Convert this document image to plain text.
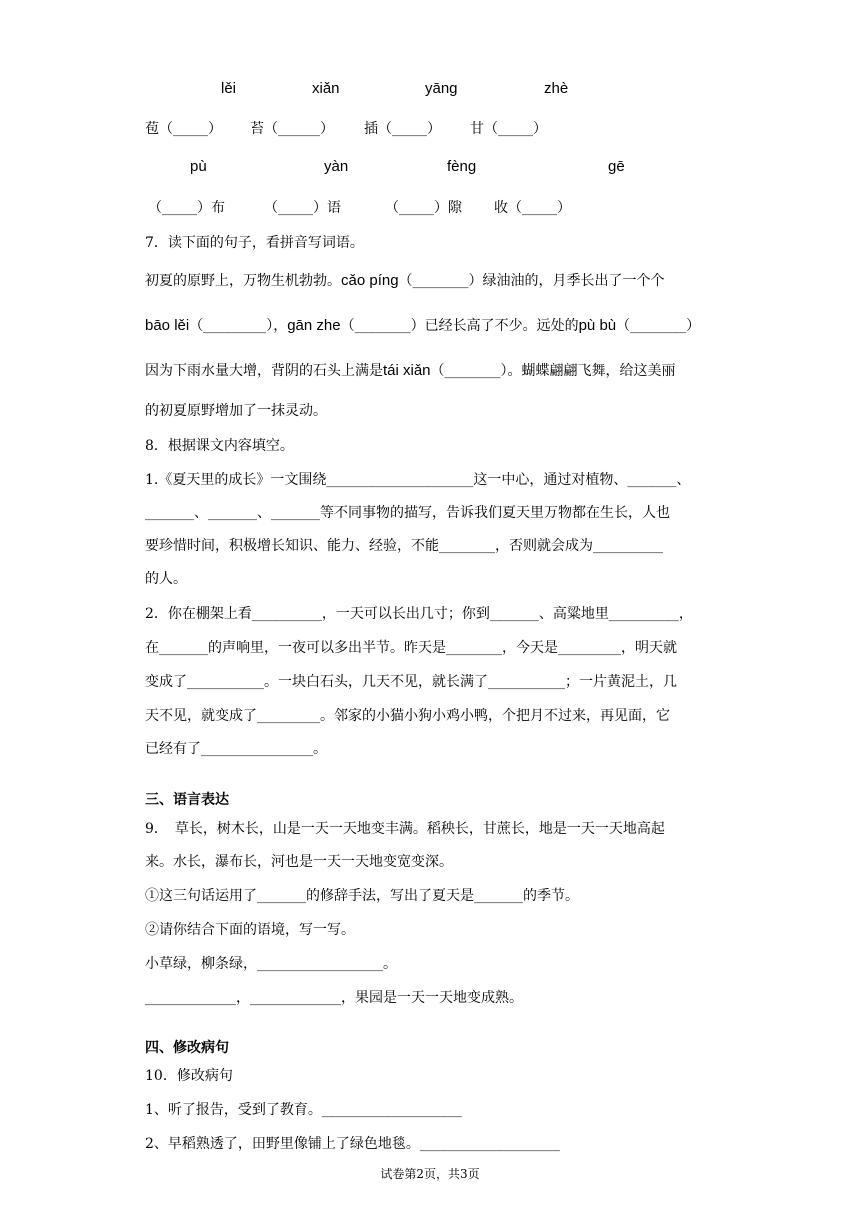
lěi	xiǎn	yāng	zhè
苞（_____） 苔（______） 插（_____） 甘（_____）
pù	yàn	fèng	gē
（_____）布	（_____）语	（_____）隙 收（_____）
7．读下面的句子，看拼音写词语。
初夏的原野上，万物生机勃勃。cǎo píng（________）绿油油的，月季长出了一个个
bāo lěi（_________），gān zhe（________）已经长高了不少。远处的pù bù（________）
因为下雨水量大增，背阴的石头上满是tái xiǎn（________）。蝴蝶翩翩飞舞，给这美丽
的初夏原野增加了一抹灵动。
8．根据课文内容填空。
1.《夏天里的成长》一文围绕_____________________这一中心，通过对植物、_______、
_______、_______、_______等不同事物的描写，告诉我们夏天里万物都在生长，人也
要珍惜时间，积极增长知识、能力、经验，不能________，否则就会成为__________
的人。
2．你在棚架上看__________，一天可以长出几寸；你到_______、高粱地里__________，
在_______的声响里，一夜可以多出半节。昨天是________，今天是_________，明天就
变成了___________。一块白石头，几天不见，就长满了___________；一片黄泥土，几
天不见，就变成了_________。邻家的小猫小狗小鸡小鸭，个把月不过来，再见面，它
已经有了________________。
三、语言表达
9．　草长，树木长，山是一天一天地变丰满。稻秧长，甘蔗长，地是一天一天地高起
来。水长，瀑布长，河也是一天一天地变宽变深。
①这三句话运用了_______的修辞手法，写出了夏天是_______的季节。
②请你结合下面的语境，写一写。
小草绿，柳条绿，__________________。
_____________，_____________，果园是一天一天地变成熟。
四、修改病句
10．修改病句
1、听了报告，受到了教育。____________________
2、早稻熟透了，田野里像铺上了绿色地毯。____________________
试卷第2页，共3页
